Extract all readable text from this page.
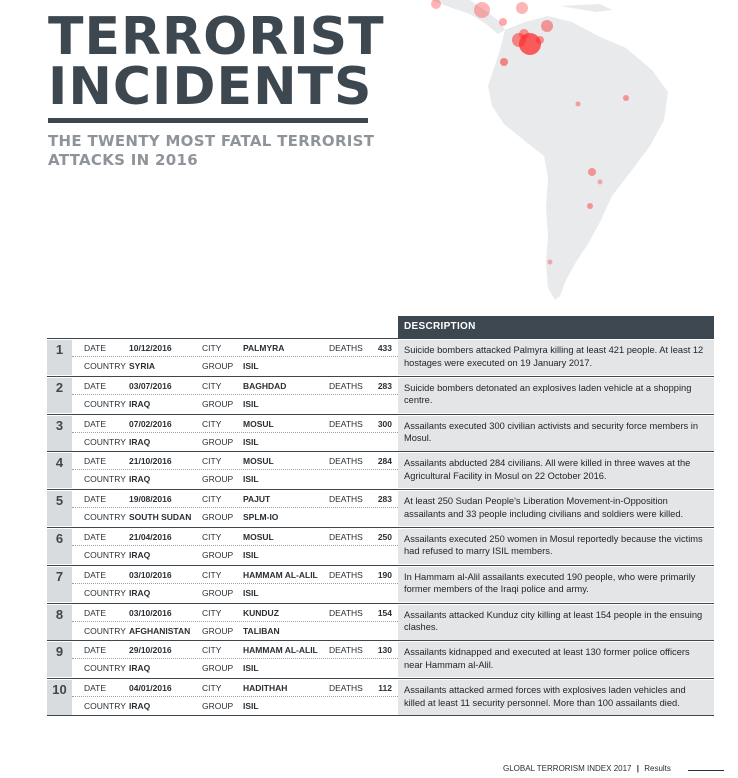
TERRORIST
INCIDENTS
THE TWENTY MOST FATAL TERRORIST ATTACKS IN 2016
DESCRIPTION
1	DATE	10/12/2016	CITY	PALMYRA	DEATHS 433
COUNTRY SYRIA	GROUP ISIL
Suicide bombers attacked Palmyra killing at least 421 people. At least 12 hostages were executed on 19 January 2017.
2	DATE	03/07/2016	CITY	BAGHDAD	DEATHS 283
COUNTRY IRAQ	GROUP ISIL
Suicide bombers detonated an explosives laden vehicle at a shopping centre.
3	DATE	07/02/2016	CITY	MOSUL	DEATHS 300
COUNTRY IRAQ	GROUP ISIL
Assailants executed 300 civilian activists and security force members in Mosul.
4	DATE	21/10/2016	CITY	MOSUL	DEATHS 284
COUNTRY IRAQ	GROUP ISIL
Assailants abducted 284 civilians. All were killed in three waves at the Agricultural Facility in Mosul on 22 October 2016.
5	DATE	19/08/2016	CITY	PAJUT	DEATHS 283
COUNTRY SOUTH SUDAN GROUP SPLM-IO
At least 250 Sudan People's Liberation Movement-in-Opposition assailants and 33 people including civilians and soldiers were killed.
6	DATE	21/04/2016	CITY	MOSUL	DEATHS 250
COUNTRY IRAQ	GROUP ISIL
Assailants executed 250 women in Mosul reportedly because the victims had refused to marry ISIL members.
7	DATE	03/10/2016	CITY	HAMMAM AL-ALIL DEATHS 190
COUNTRY IRAQ	GROUP ISIL
In Hammam al-Alil assailants executed 190 people, who were primarily former members of the Iraqi police and army.
8	DATE	03/10/2016	CITY	KUNDUZ	DEATHS 154
COUNTRY AFGHANISTAN GROUP TALIBAN
Assailants attacked Kunduz city killing at least 154 people in the ensuing clashes.
9	DATE	29/10/2016	CITY	HAMMAM AL-ALIL DEATHS 130
COUNTRY IRAQ	GROUP ISIL
Assailants kidnapped and executed at least 130 former police officers near Hammam al-Alil.
10	DATE	04/01/2016	CITY	HADITHAH	DEATHS 112
COUNTRY IRAQ	GROUP ISIL
Assailants attacked armed forces with explosives laden vehicles and killed at least 11 security personnel. More than 100 assailants died.
GLOBAL TERRORISM INDEX 2017 | Results
